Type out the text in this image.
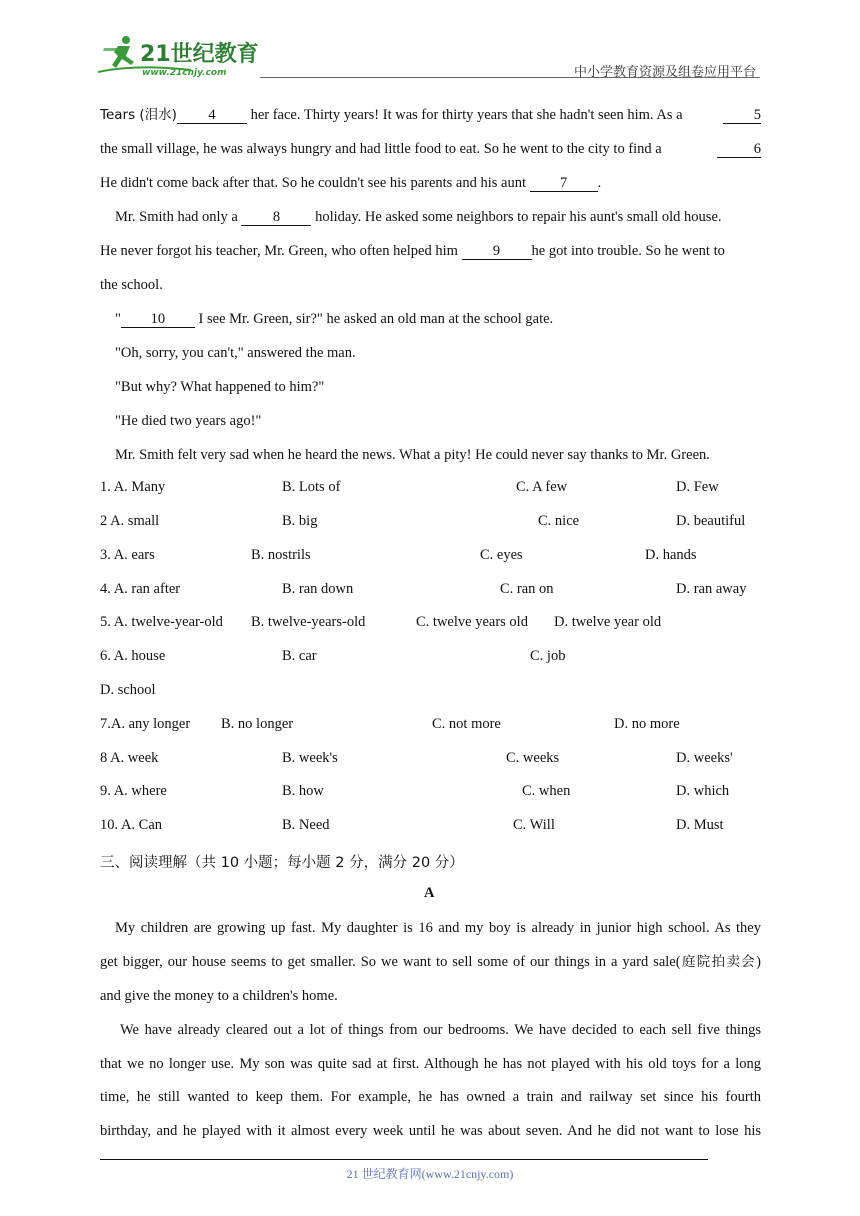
21世纪教育
www.21cnjy.com	中小学教育资源及组卷应用平台
Tears (泪水) 4 her face. Thirty years! It was for thirty years that she hadn't seen him. As a	5
the small village, he was always hungry and had little food to eat. So he went to the city to find a	6
He didn't come back after that. So he couldn't see his parents and his aunt 7 .
Mr. Smith had only a 8 holiday. He asked some neighbors to repair his aunt's small old house.
He never forgot his teacher, Mr. Green, who often helped him 9 he got into trouble. So he went to
the school.
" 10 I see Mr. Green, sir?" he asked an old man at the school gate.
"Oh, sorry, you can't," answered the man.
"But why? What happened to him?"
"He died two years ago!"
Mr. Smith felt very sad when he heard the news. What a pity! He could never say thanks to Mr. Green.
1. A. Many	B. Lots of	C. A few	D. Few
2 A. small	B. big	C. nice	D. beautiful
3. A. ears	B. nostrils	C. eyes	D. hands
4. A. ran after	B. ran down	C. ran on	D. ran away
5. A. twelve-year-old B. twelve-years-old	C. twelve years old D. twelve year old
6. A. house	B. car	C. job
D. school
7.A. any longer B. no longer	C. not more	D. no more
8 A. week	B. week's	C. weeks	D. weeks'
9. A. where	B. how	C. when	D. which
10. A. Can	B. Need	C. Will	D. Must
三、阅读理解（共 10 小题；每小题 2 分，满分 20 分）
A
My children are growing up fast. My daughter is 16 and my boy is already in junior high school. As they
get bigger, our house seems to get smaller. So we want to sell some of our things in a yard sale(庭院拍卖会)
and give the money to a children's home.
We have already cleared out a lot of things from our bedrooms. We have decided to each sell five things
that we no longer use. My son was quite sad at first. Although he has not played with his old toys for a long
time, he still wanted to keep them. For example, he has owned a train and railway set since his fourth
birthday, and he played with it almost every week until he was about seven. And he did not want to lose his
21 世纪教育网(www.21cnjy.com)
